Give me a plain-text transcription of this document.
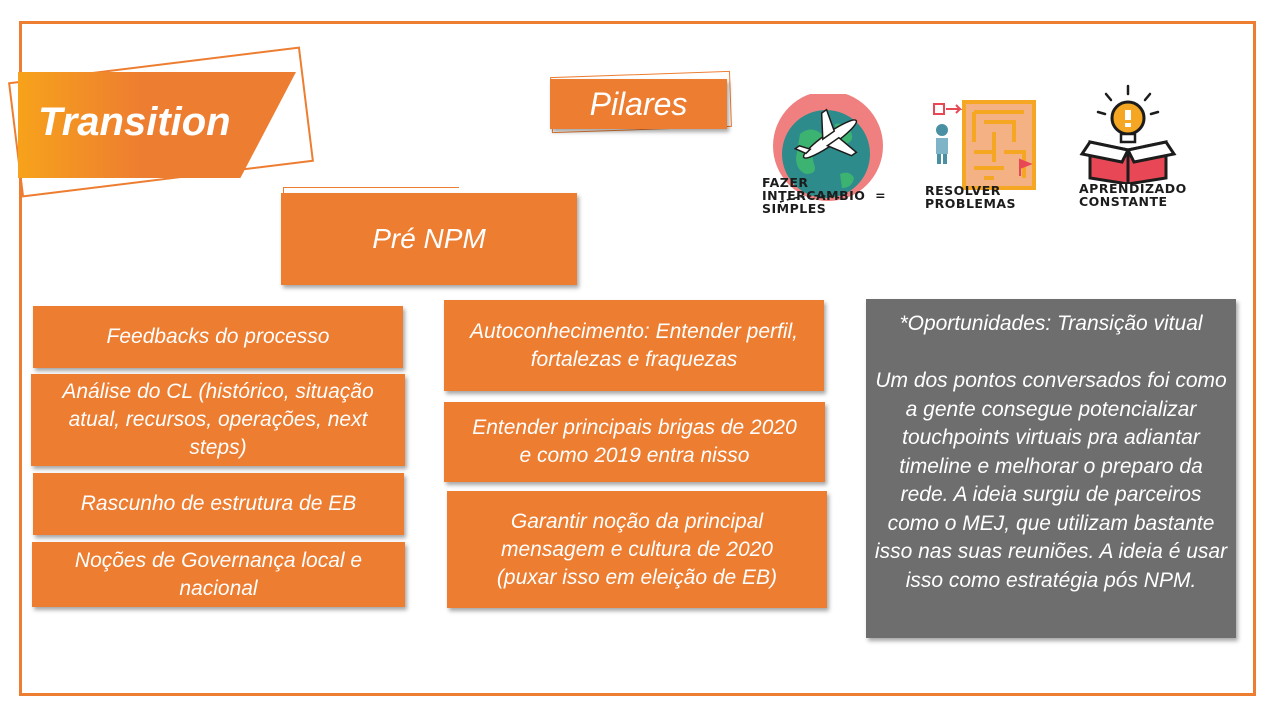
Transition	Pilares
FAZER
INTERCAMBIO  =
SIMPLES
RESOLVER
PROBLEMAS
APRENDIZADO
CONSTANTE
Pré NPM
Feedbacks do processo
Análise do CL (histórico, situação atual, recursos, operações, next steps)
Rascunho de estrutura de EB
Noções de Governança local e nacional
Autoconhecimento: Entender perfil, fortalezas e fraquezas
Entender principais brigas de 2020 e como 2019 entra nisso
Garantir noção da principal mensagem e cultura de 2020 (puxar isso em eleição de EB)

*Oportunidades: Transição vitual

Um dos pontos conversados foi como a gente consegue potencializar touchpoints virtuais pra adiantar timeline e melhorar o preparo da rede. A ideia surgiu de parceiros como o MEJ, que utilizam bastante isso nas suas reuniões. A ideia é usar isso como estratégia pós NPM.
